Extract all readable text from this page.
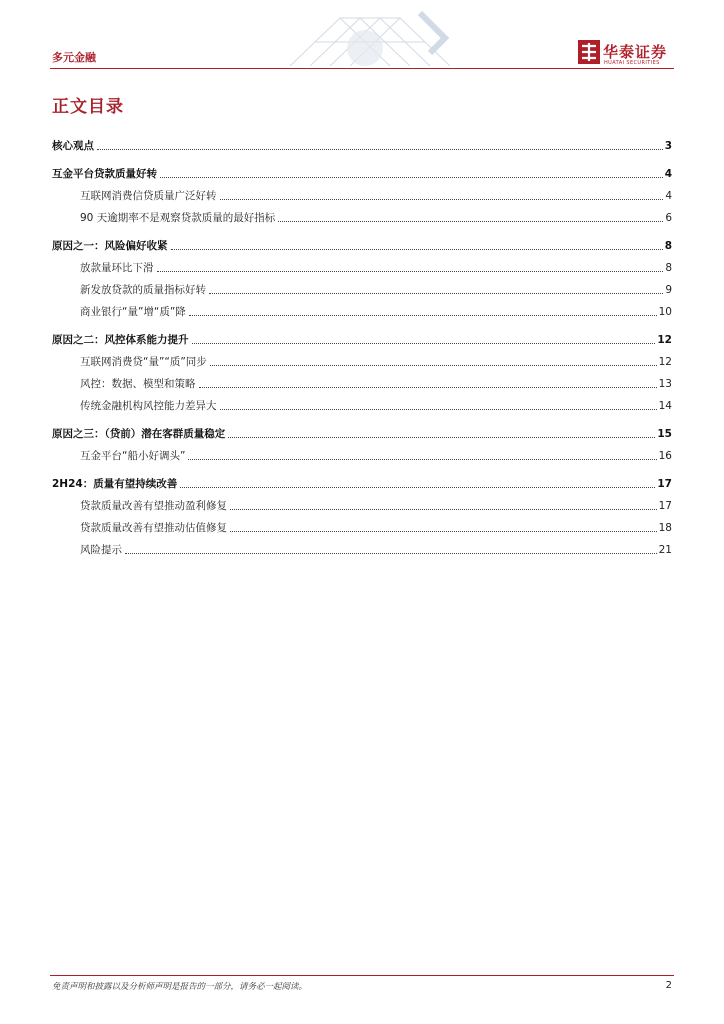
多元金融	华泰证券
HUATAI SECURITIES
正文目录
核心观点	3
互金平台贷款质量好转	4
互联网消费信贷质量广泛好转	4
90 天逾期率不是观察贷款质量的最好指标	6
原因之一：风险偏好收紧	8
放款量环比下滑	8
新发放贷款的质量指标好转	9
商业银行“量”增“质”降	10
原因之二：风控体系能力提升	12
互联网消费贷“量”“质”同步	12
风控：数据、模型和策略	13
传统金融机构风控能力差异大	14
原因之三：（贷前）潜在客群质量稳定	15
互金平台“船小好调头”	16
2H24：质量有望持续改善	17
贷款质量改善有望推动盈利修复	17
贷款质量改善有望推动估值修复	18
风险提示	21
免责声明和披露以及分析师声明是报告的一部分，请务必一起阅读。	2
